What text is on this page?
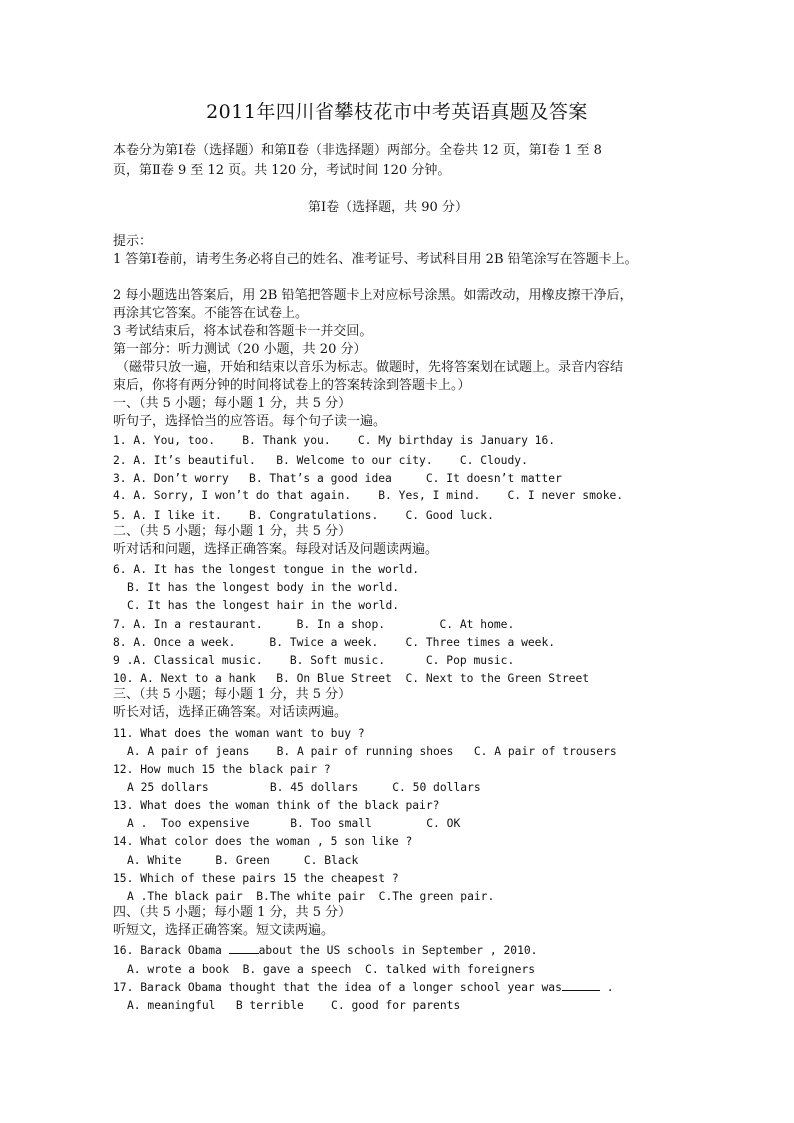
2011年四川省攀枝花市中考英语真题及答案
本卷分为第Ⅰ卷（选择题）和第Ⅱ卷（非选择题）两部分。全卷共 12 页，第Ⅰ卷 1 至 8
页，第Ⅱ卷 9 至 12 页。共 120 分，考试时间 120 分钟。
第Ⅰ卷（选择题，共 90 分）
提示：
1 答第Ⅰ卷前，请考生务必将自己的姓名、准考证号、考试科目用 2B 铅笔涂写在答题卡上。
2 每小题选出答案后，用 2B 铅笔把答题卡上对应标号涂黑。如需改动，用橡皮擦干净后，
再涂其它答案。不能答在试卷上。
3 考试结束后，将本试卷和答题卡一并交回。
第一部分：听力测试（20 小题，共 20 分）
（磁带只放一遍，开始和结束以音乐为标志。做题时，先将答案划在试题上。录音内容结
束后，你将有两分钟的时间将试卷上的答案转涂到答题卡上。）
一、（共 5 小题；每小题 1 分，共 5 分）
听句子，选择恰当的应答语。每个句子读一遍。
1. A. You, too.    B. Thank you.    C. My birthday is January 16.
2. A. It’s beautiful.   B. Welcome to our city.    C. Cloudy.
3. A. Don’t worry   B. That’s a good idea     C. It doesn’t matter
4. A. Sorry, I won’t do that again.    B. Yes, I mind.    C. I never smoke.
5. A. I like it.    B. Congratulations.    C. Good luck.
二、（共 5 小题；每小题 1 分，共 5 分）
听对话和问题，选择正确答案。每段对话及问题读两遍。
6. A. It has the longest tongue in the world.
B. It has the longest body in the world.
C. It has the longest hair in the world.
7. A. In a restaurant.     B. In a shop.        C. At home.
8. A. Once a week.     B. Twice a week.    C. Three times a week.
9 .A. Classical music.    B. Soft music.      C. Pop music.
10. A. Next to a hank   B. On Blue Street  C. Next to the Green Street
三、（共 5 小题；每小题 1 分，共 5 分）
听长对话，选择正确答案。对话读两遍。
11. What does the woman want to buy ?
A. A pair of jeans    B. A pair of running shoes   C. A pair of trousers
12. How much 15 the black pair ?
A 25 dollars         B. 45 dollars     C. 50 dollars
13. What does the woman think of the black pair?
A .  Too expensive      B. Too small        C. OK
14. What color does the woman , 5 son like ?
A. White     B. Green     C. Black
15. Which of these pairs 15 the cheapest ?
A .The black pair  B.The white pair  C.The green pair.
四、（共 5 小题；每小题 1 分，共 5 分）
听短文，选择正确答案。短文读两遍。
16. Barack Obama	about the US schools in September , 2010.
A. wrote a book  B. gave a speech  C. talked with foreigners
17. Barack Obama thought that the idea of a longer school year was	.
A. meaningful   B terrible    C. good for parents
